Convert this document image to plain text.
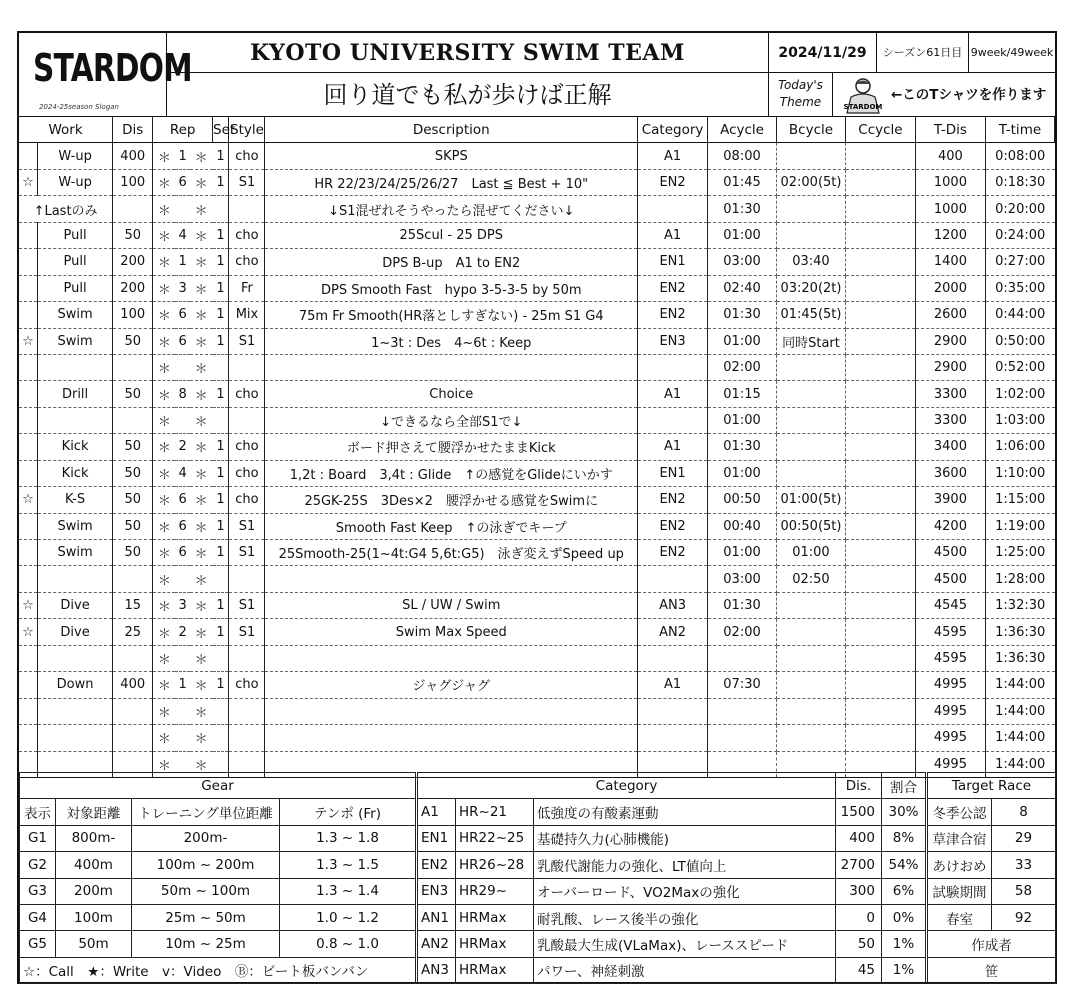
STARDOM
2024-25season Slogan
KYOTO UNIVERSITY SWIM TEAM	2024/11/29	シーズン61日目 9week/49week
回り道でも私が歩けば正解	Today's
Theme	STARDOM
←このTシャツを作ります
Work		Dis	Rep			Set	Style	Description	Category	Acycle	Bcycle	Ccycle	T-Dis	T-time
	W-up	400	＊	1	＊	1	cho	SKPS	A1	08:00			400	0:08:00
☆	W-up	100	＊	6	＊	1	S1	HR 22/23/24/25/26/27　Last ≦ Best + 10"	EN2	01:45	02:00(5t)		1000	0:18:30
↑Lastのみ			＊		＊			↓S1混ぜれそうやったら混ぜてください↓		01:30			1000	0:20:00
	Pull	50	＊	4	＊	1	cho	25Scul - 25 DPS	A1	01:00			1200	0:24:00
	Pull	200	＊	1	＊	1	cho	DPS B-up　A1 to EN2	EN1	03:00	03:40		1400	0:27:00
	Pull	200	＊	3	＊	1	Fr	DPS Smooth Fast　hypo 3-5-3-5 by 50m	EN2	02:40	03:20(2t)		2000	0:35:00
	Swim	100	＊	6	＊	1	Mix	75m Fr Smooth(HR落としすぎない) - 25m S1 G4	EN2	01:30	01:45(5t)		2600	0:44:00
☆	Swim	50	＊	6	＊	1	S1	1~3t : Des　4~6t : Keep	EN3	01:00	同時Start		2900	0:50:00
			＊		＊					02:00			2900	0:52:00
	Drill	50	＊	8	＊	1	cho	Choice	A1	01:15			3300	1:02:00
			＊		＊			↓できるなら全部S1で↓		01:00			3300	1:03:00
	Kick	50	＊	2	＊	1	cho	ボード押さえて腰浮かせたままKick	A1	01:30			3400	1:06:00
	Kick	50	＊	4	＊	1	cho	1,2t : Board　3,4t : Glide　↑の感覚をGlideにいかす	EN1	01:00			3600	1:10:00
☆	K-S	50	＊	6	＊	1	cho	25GK-25S　3Des×2　腰浮かせる感覚をSwimに	EN2	00:50	01:00(5t)		3900	1:15:00
	Swim	50	＊	6	＊	1	S1	Smooth Fast Keep　↑の泳ぎでキープ	EN2	00:40	00:50(5t)		4200	1:19:00
	Swim	50	＊	6	＊	1	S1	25Smooth-25(1~4t:G4 5,6t:G5)　泳ぎ変えずSpeed up	EN2	01:00	01:00		4500	1:25:00
			＊		＊					03:00	02:50		4500	1:28:00
☆	Dive	15	＊	3	＊	1	S1	SL / UW / Swim	AN3	01:30			4545	1:32:30
☆	Dive	25	＊	2	＊	1	S1	Swim Max Speed	AN2	02:00			4595	1:36:30
			＊		＊								4595	1:36:30
	Down	400	＊	1	＊	1	cho	ジャグジャグ	A1	07:30			4995	1:44:00
			＊		＊								4995	1:44:00
			＊		＊								4995	1:44:00
			＊		＊								4995	1:44:00
Gear			
表示	対象距離	トレーニング単位距離	テンポ (Fr)
G1	800m-	200m-	1.3 ~ 1.8
G2	400m	100m ~ 200m	1.3 ~ 1.5
G3	200m	50m ~ 100m	1.3 ~ 1.4
G4	100m	25m ~ 50m	1.0 ~ 1.2
G5	50m	10m ~ 25m	0.8 ~ 1.0
☆：Call　★：Write　v：Video　Ⓑ：ビート板バンバン			
Category			Dis.	割合
A1	HR~21	低強度の有酸素運動	1500	30%
EN1	HR22~25	基礎持久力(心肺機能)	400	8%
EN2	HR26~28	乳酸代謝能力の強化、LT値向上	2700	54%
EN3	HR29~	オーバーロード、VO2Maxの強化	300	6%
AN1	HRMax	耐乳酸、レース後半の強化	0	0%
AN2	HRMax	乳酸最大生成(VLaMax)、レーススピード	50	1%
AN3	HRMax	パワー、神経刺激	45	1%
Target Race	
冬季公認	8
草津合宿	29
あけおめ	33
試験期間	58
春室	92
作成者	
笹	
